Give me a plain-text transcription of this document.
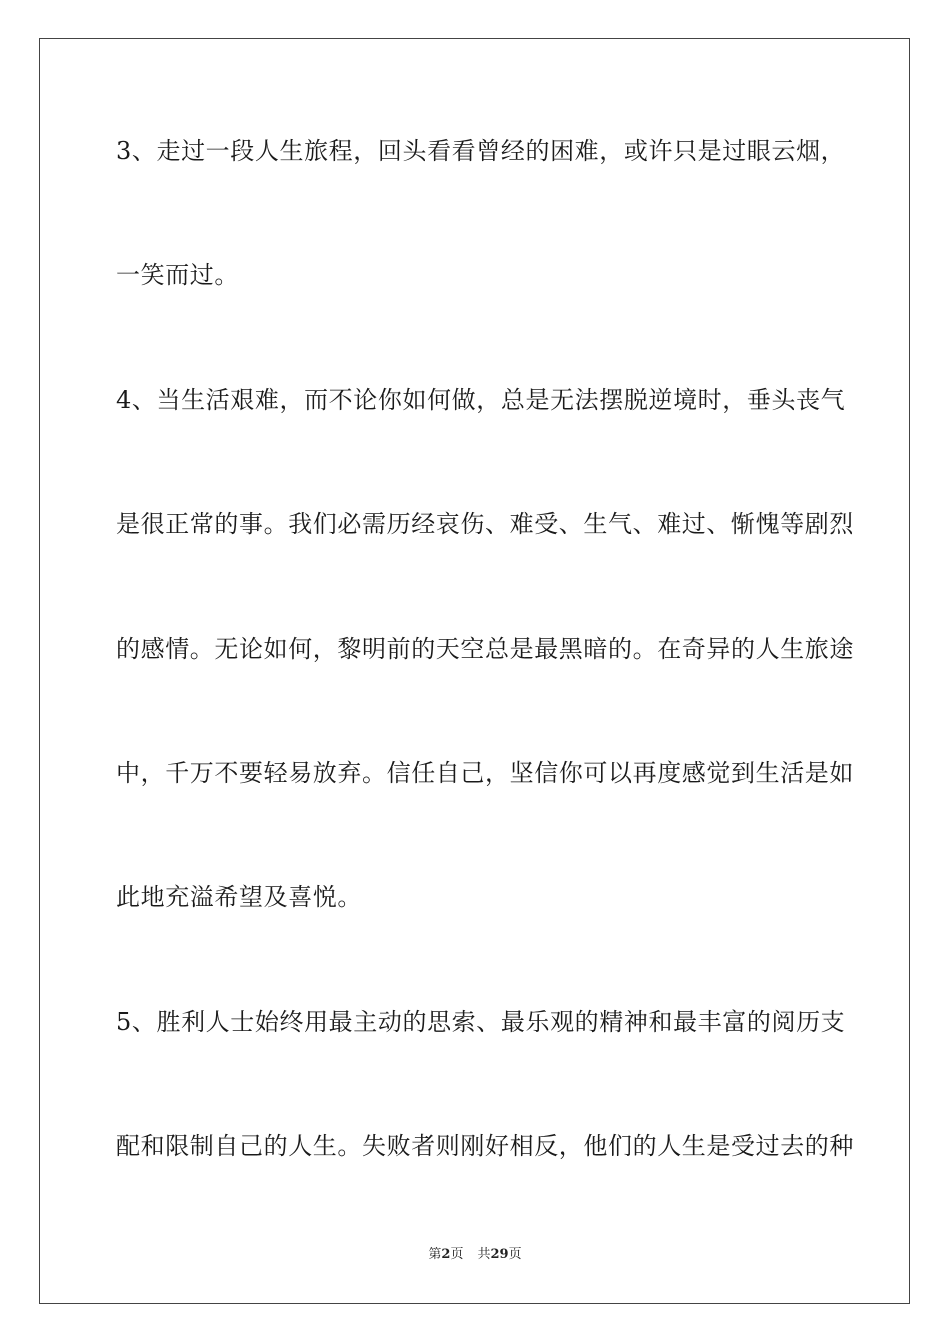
3、走过一段人生旅程，回头看看曾经的困难，或许只是过眼云烟，
一笑而过。
4、当生活艰难，而不论你如何做，总是无法摆脱逆境时，垂头丧气
是很正常的事。我们必需历经哀伤、难受、生气、难过、惭愧等剧烈
的感情。无论如何，黎明前的天空总是最黑暗的。在奇异的人生旅途
中，千万不要轻易放弃。信任自己，坚信你可以再度感觉到生活是如
此地充溢希望及喜悦。
5、胜利人士始终用最主动的思索、最乐观的精神和最丰富的阅历支
配和限制自己的人生。失败者则刚好相反，他们的人生是受过去的种
第2页 共29页
